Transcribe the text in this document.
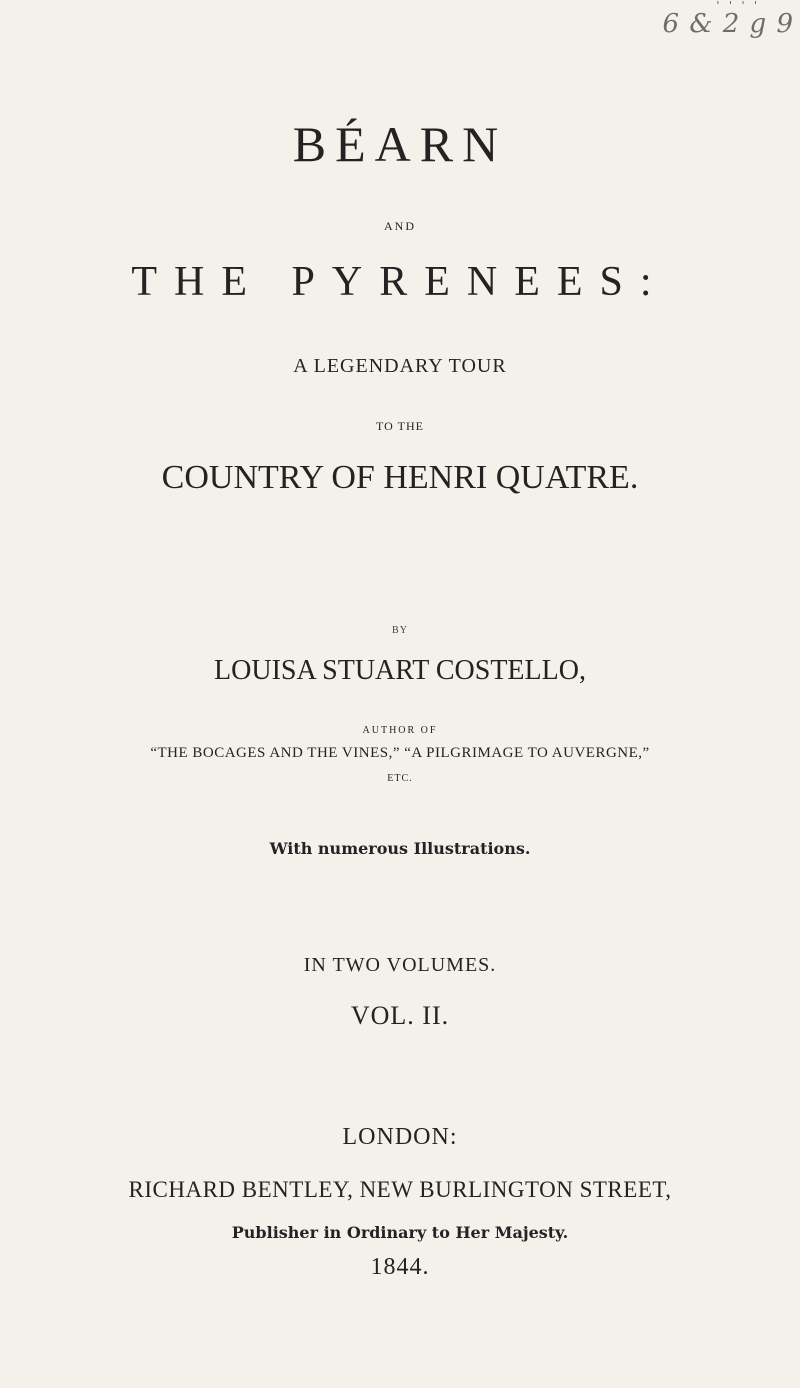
' ' ' '
6 & 2 g 9
BÉARN
AND
THE PYRENEES:
A LEGENDARY TOUR
TO THE
COUNTRY OF HENRI QUATRE.
BY
LOUISA STUART COSTELLO,
AUTHOR OF
“THE BOCAGES AND THE VINES,” “A PILGRIMAGE TO AUVERGNE,”
ETC.
With numerous Illustrations.
IN TWO VOLUMES.
VOL. II.
LONDON:
RICHARD BENTLEY, NEW BURLINGTON STREET,
Publisher in Ordinary to Her Majesty.
1844.
